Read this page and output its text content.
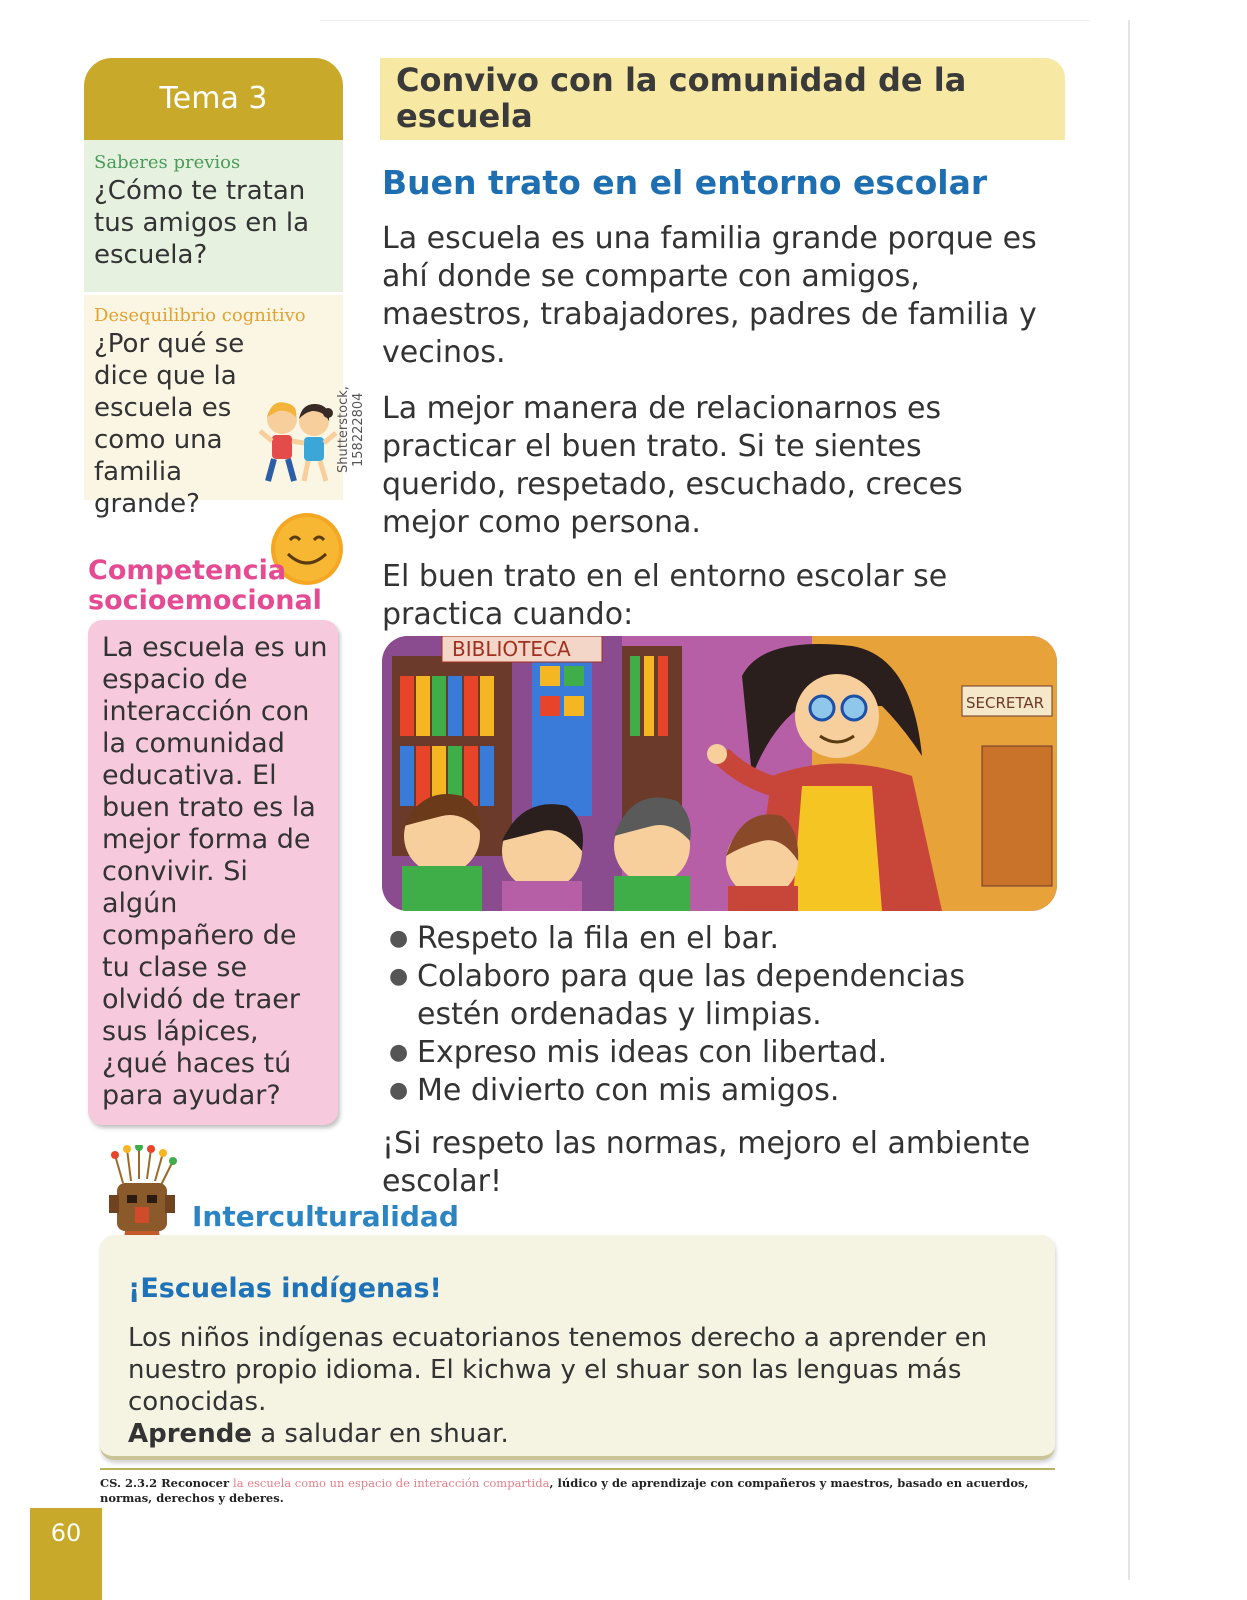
Tema 3
Saberes previos
¿Cómo te tratan tus amigos en la escuela?
Desequilibrio cognitivo
¿Por qué se dice que la escuela es como una familia grande?
Shutterstock, 158222804
Competencia
socioemocional
La escuela es un espacio de interacción con la comunidad educativa. El buen trato es la mejor forma de convivir. Si algún compañero de tu clase se olvidó de traer sus lápices, ¿qué haces tú para ayudar?
Interculturalidad
¡Escuelas indígenas!
Los niños indígenas ecuatorianos tenemos derecho a aprender en nuestro propio idioma. El kichwa y el shuar son las lenguas más conocidas.
Aprende a saludar en shuar.
CS. 2.3.2 Reconocer la escuela como un espacio de interacción compartida, lúdico y de aprendizaje con compañeros y maestros, basado en acuerdos, normas, derechos y deberes.
60
Convivo con la comunidad de la escuela
Buen trato en el entorno escolar
La escuela es una familia grande porque es ahí donde se comparte con amigos, maestros, trabajadores, padres de familia y vecinos.
La mejor manera de relacionarnos es practicar el buen trato. Si te sientes querido, respetado, escuchado, creces mejor como persona.
El buen trato en el entorno escolar se practica cuando:
BIBLIOTECA
SECRETAR
● Respeto la fila en el bar.
● Colaboro para que las dependencias estén ordenadas y limpias.
● Expreso mis ideas con libertad.
● Me divierto con mis amigos.
¡Si respeto las normas, mejoro el ambiente escolar!
